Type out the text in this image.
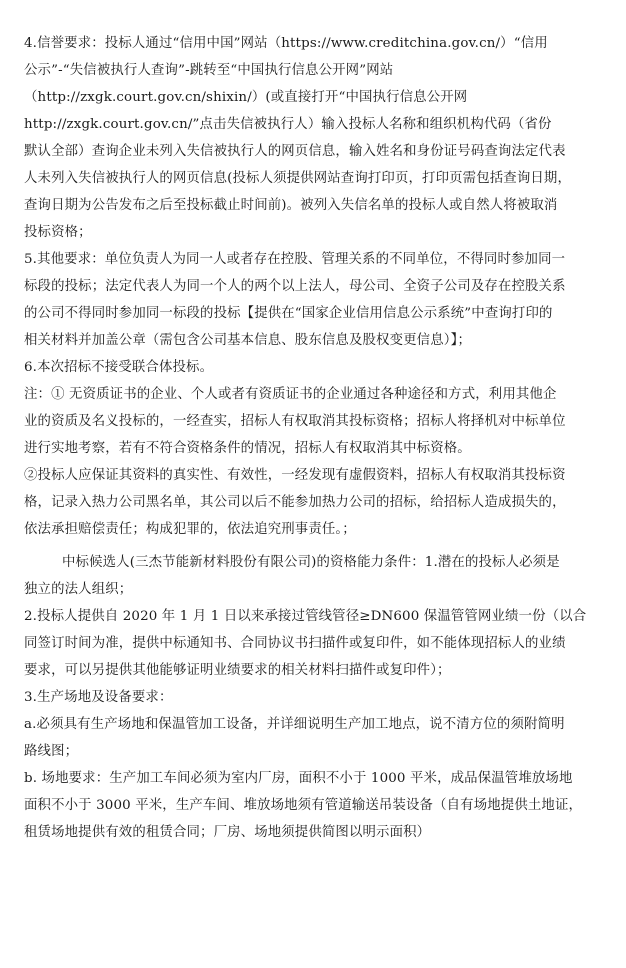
4.信誉要求：投标人通过“信用中国”网站（https://www.creditchina.gov.cn/）“信用
公示”-“失信被执行人查询”-跳转至“中国执行信息公开网”网站
（http://zxgk.court.gov.cn/shixin/）(或直接打开“中国执行信息公开网
http://zxgk.court.gov.cn/”点击失信被执行人）输入投标人名称和组织机构代码（省份
默认全部）查询企业未列入失信被执行人的网页信息，输入姓名和身份证号码查询法定代表
人未列入失信被执行人的网页信息(投标人须提供网站查询打印页，打印页需包括查询日期，
查询日期为公告发布之后至投标截止时间前)。被列入失信名单的投标人或自然人将被取消
投标资格；
5.其他要求：单位负责人为同一人或者存在控股、管理关系的不同单位，不得同时参加同一
标段的投标；法定代表人为同一个人的两个以上法人，母公司、全资子公司及存在控股关系
的公司不得同时参加同一标段的投标【提供在“国家企业信用信息公示系统”中查询打印的
相关材料并加盖公章（需包含公司基本信息、股东信息及股权变更信息）】；
6.本次招标不接受联合体投标。
注：① 无资质证书的企业、个人或者有资质证书的企业通过各种途径和方式，利用其他企
业的资质及名义投标的，一经查实，招标人有权取消其投标资格；招标人将择机对中标单位
进行实地考察，若有不符合资格条件的情况，招标人有权取消其中标资格。
②投标人应保证其资料的真实性、有效性，一经发现有虚假资料，招标人有权取消其投标资
格，记录入热力公司黑名单，其公司以后不能参加热力公司的招标，给招标人造成损失的，
依法承担赔偿责任；构成犯罪的，依法追究刑事责任。；
中标候选人(三杰节能新材料股份有限公司)的资格能力条件：1.潜在的投标人必须是
独立的法人组织；
2.投标人提供自 2020 年 1 月 1 日以来承接过管线管径≥DN600 保温管管网业绩一份（以合
同签订时间为准，提供中标通知书、合同协议书扫描件或复印件，如不能体现招标人的业绩
要求，可以另提供其他能够证明业绩要求的相关材料扫描件或复印件）；
3.生产场地及设备要求：
a.必须具有生产场地和保温管加工设备，并详细说明生产加工地点，说不清方位的须附简明
路线图；
b. 场地要求：生产加工车间必须为室内厂房，面积不小于 1000 平米，成品保温管堆放场地
面积不小于 3000 平米，生产车间、堆放场地须有管道输送吊装设备（自有场地提供土地证，
租赁场地提供有效的租赁合同；厂房、场地须提供简图以明示面积）
